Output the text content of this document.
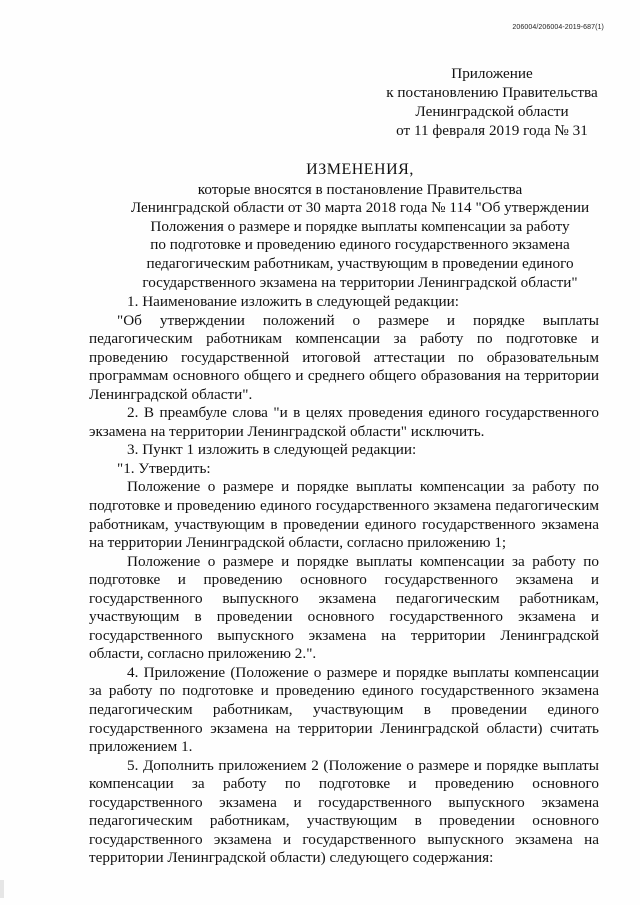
206004/206004-2019-687(1)
Приложение
к постановлению Правительства
Ленинградской области
от 11 февраля 2019 года № 31
ИЗМЕНЕНИЯ,
которые вносятся в постановление Правительства
Ленинградской области от 30 марта 2018 года № 114 "Об утверждении
Положения о размере и порядке выплаты компенсации за работу
по подготовке и проведению единого государственного экзамена
педагогическим работникам, участвующим в проведении единого
государственного экзамена на территории Ленинградской области"

1. Наименование изложить в следующей редакции:

"Об утверждении положений о размере и порядке выплаты педагогическим работникам компенсации за работу по подготовке и проведению государственной итоговой аттестации по образовательным программам основного общего и среднего общего образования на территории Ленинградской области".

2. В преамбуле слова "и в целях проведения единого государственного экзамена на территории Ленинградской области" исключить.

3. Пункт 1 изложить в следующей редакции:

"1. Утвердить:

Положение о размере и порядке выплаты компенсации за работу по подготовке и проведению единого государственного экзамена педагогическим работникам, участвующим в проведении единого государственного экзамена на территории Ленинградской области, согласно приложению 1;

Положение о размере и порядке выплаты компенсации за работу по подготовке и проведению основного государственного экзамена и государственного выпускного экзамена педагогическим работникам, участвующим в проведении основного государственного экзамена и государственного выпускного экзамена на территории Ленинградской области, согласно приложению 2.".

4. Приложение (Положение о размере и порядке выплаты компенсации за работу по подготовке и проведению единого государственного экзамена педагогическим работникам, участвующим в проведении единого государственного экзамена на территории Ленинградской области) считать приложением 1.

5. Дополнить приложением 2 (Положение о размере и порядке выплаты компенсации за работу по подготовке и проведению основного государственного экзамена и государственного выпускного экзамена педагогическим работникам, участвующим в проведении основного государственного экзамена и государственного выпускного экзамена на территории Ленинградской области) следующего содержания:
